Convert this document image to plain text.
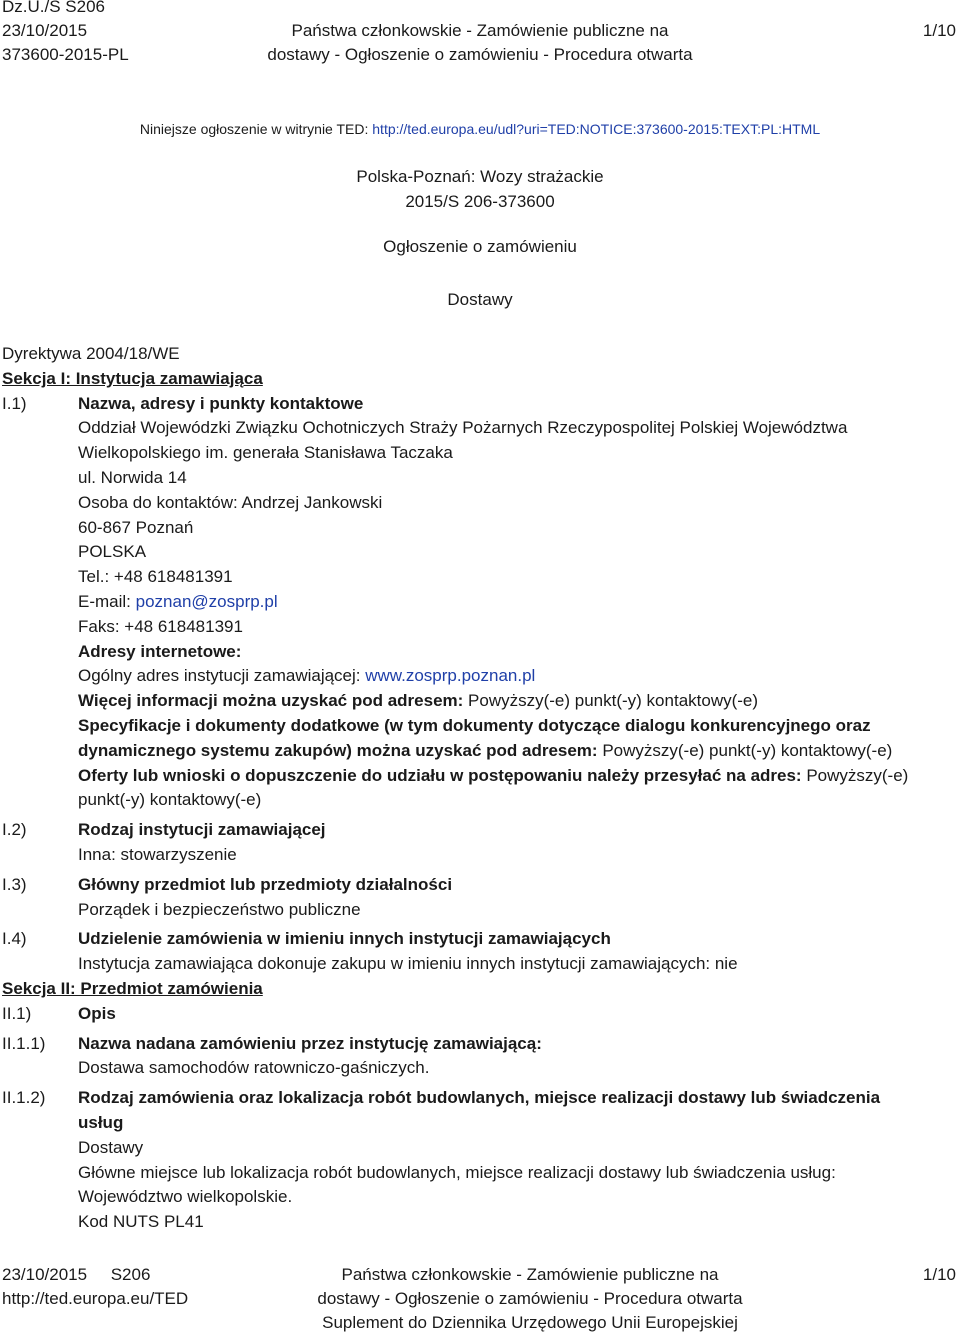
Dz.U./S S206
23/10/2015
373600-2015-PL
Państwa członkowskie - Zamówienie publiczne na
dostawy - Ogłoszenie o zamówieniu - Procedura otwarta
1/10
Niniejsze ogłoszenie w witrynie TED: http://ted.europa.eu/udl?uri=TED:NOTICE:373600-2015:TEXT:PL:HTML
Polska-Poznań: Wozy strażackie
2015/S 206-373600
Ogłoszenie o zamówieniu
Dostawy
Dyrektywa 2004/18/WE
Sekcja I: Instytucja zamawiająca
I.1)	Nazwa, adresy i punkty kontaktowe
Oddział Wojewódzki Związku Ochotniczych Straży Pożarnych Rzeczypospolitej Polskiej Województwa
Wielkopolskiego im. generała Stanisława Taczaka
ul. Norwida 14
Osoba do kontaktów: Andrzej Jankowski
60-867 Poznań
POLSKA
Tel.: +48 618481391
E-mail: poznan@zosprp.pl
Faks: +48 618481391
Adresy internetowe:
Ogólny adres instytucji zamawiającej: www.zosprp.poznan.pl
Więcej informacji można uzyskać pod adresem: Powyższy(-e) punkt(-y) kontaktowy(-e)
Specyfikacje i dokumenty dodatkowe (w tym dokumenty dotyczące dialogu konkurencyjnego oraz
dynamicznego systemu zakupów) można uzyskać pod adresem: Powyższy(-e) punkt(-y) kontaktowy(-e)
Oferty lub wnioski o dopuszczenie do udziału w postępowaniu należy przesyłać na adres: Powyższy(-e)
punkt(-y) kontaktowy(-e)
I.2)	Rodzaj instytucji zamawiającej
Inna: stowarzyszenie
I.3)	Główny przedmiot lub przedmioty działalności
Porządek i bezpieczeństwo publiczne
I.4)	Udzielenie zamówienia w imieniu innych instytucji zamawiających
Instytucja zamawiająca dokonuje zakupu w imieniu innych instytucji zamawiających: nie
Sekcja II: Przedmiot zamówienia
II.1)	Opis
II.1.1)	Nazwa nadana zamówieniu przez instytucję zamawiającą:
Dostawa samochodów ratowniczo-gaśniczych.
II.1.2)	Rodzaj zamówienia oraz lokalizacja robót budowlanych, miejsce realizacji dostawy lub świadczenia
usług
Dostawy
Główne miejsce lub lokalizacja robót budowlanych, miejsce realizacji dostawy lub świadczenia usług:
Województwo wielkopolskie.
Kod NUTS PL41
23/10/2015     S206
http://ted.europa.eu/TED
Państwa członkowskie - Zamówienie publiczne na
dostawy - Ogłoszenie o zamówieniu - Procedura otwarta
Suplement do Dziennika Urzędowego Unii Europejskiej
1/10
